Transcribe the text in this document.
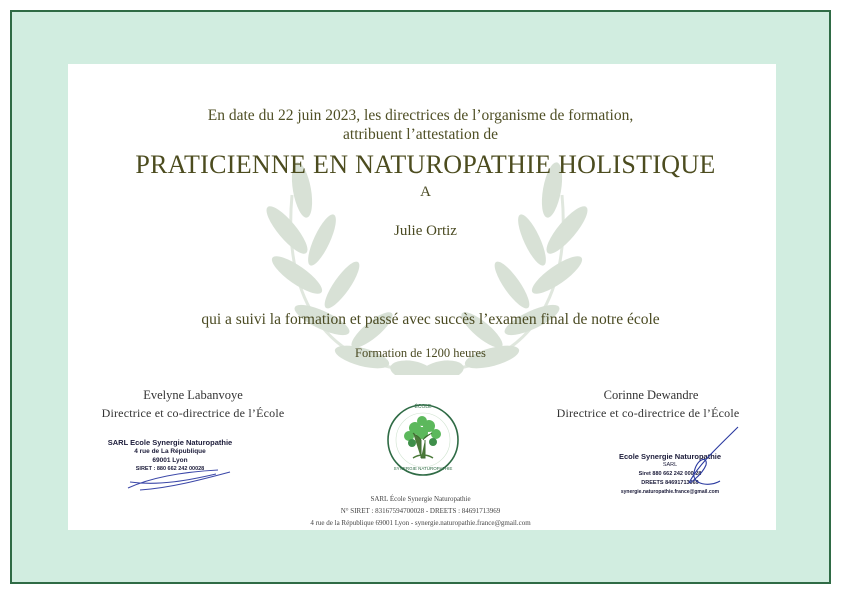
En date du 22 juin 2023, les directrices de l’organisme de formation,
attribuent l’attestation de
PRATICIENNE EN NATUROPATHIE HOLISTIQUE
A
Julie Ortiz
qui a suivi la formation et passé avec succès l’examen final de notre école
Formation de 1200 heures
Evelyne Labanvoye
Directrice et co-directrice de l’École
SARL Ecole Synergie Naturopathie
4 rue de La République
69001 Lyon
SIRET : 880 662 242 00028
Corinne Dewandre
Directrice et co-directrice de l’École
Ecole Synergie Naturopathie
SARL
Siret 880 662 242 000 28
DREETS 84691713969
synergie.naturopathie.france@gmail.com
ÉCOLE
SYNERGIE NATUROPATHIE
SARL École Synergie Naturopathie
N° SIRET : 83167594700028 - DREETS : 84691713969
4 rue de la République 69001 Lyon - synergie.naturopathie.france@gmail.com
